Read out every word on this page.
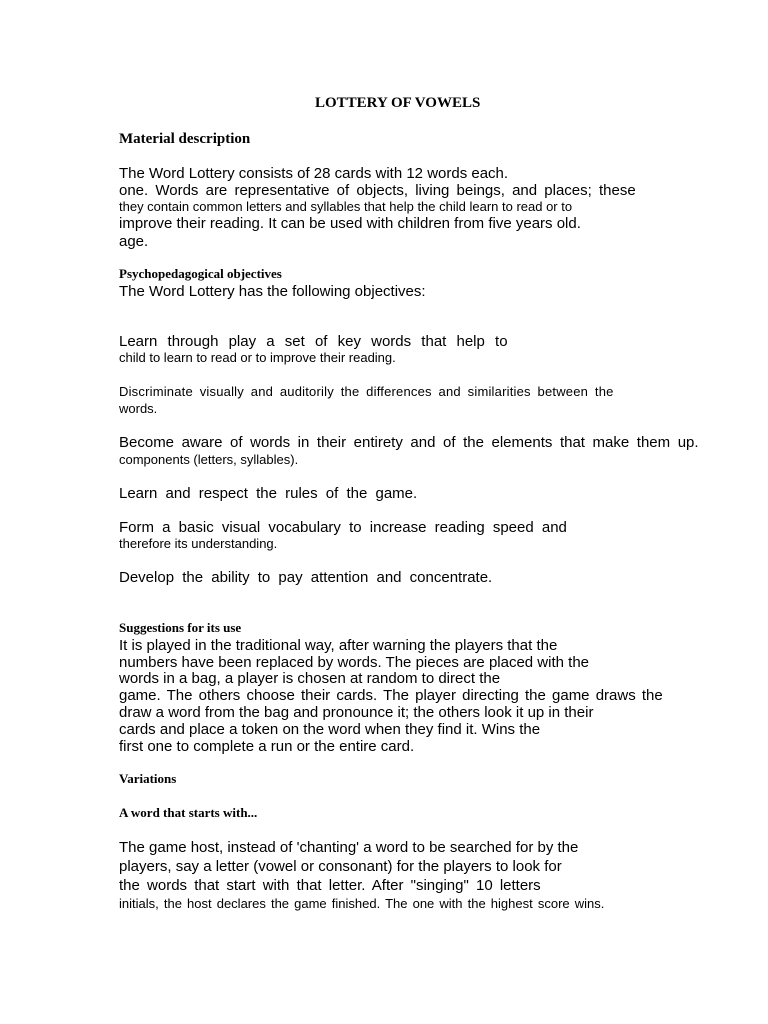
LOTTERY OF VOWELS
Material description
The Word Lottery consists of 28 cards with 12 words each.
one. Words are representative of objects, living beings, and places; these
they contain common letters and syllables that help the child learn to read or to
improve their reading. It can be used with children from five years old.
age.
Psychopedagogical objectives
The Word Lottery has the following objectives:
Learn through play a set of key words that help to
child to learn to read or to improve their reading.
Discriminate visually and auditorily the differences and similarities between the
words.
Become aware of words in their entirety and of the elements that make them up.
components (letters, syllables).
Learn and respect the rules of the game.
Form a basic visual vocabulary to increase reading speed and
therefore its understanding.
Develop the ability to pay attention and concentrate.
Suggestions for its use
It is played in the traditional way, after warning the players that the
numbers have been replaced by words. The pieces are placed with the
words in a bag, a player is chosen at random to direct the
game. The others choose their cards. The player directing the game draws the
draw a word from the bag and pronounce it; the others look it up in their
cards and place a token on the word when they find it. Wins the
first one to complete a run or the entire card.
Variations
A word that starts with...
The game host, instead of 'chanting' a word to be searched for by the
players, say a letter (vowel or consonant) for the players to look for
the words that start with that letter. After "singing" 10 letters
initials, the host declares the game finished. The one with the highest score wins.
